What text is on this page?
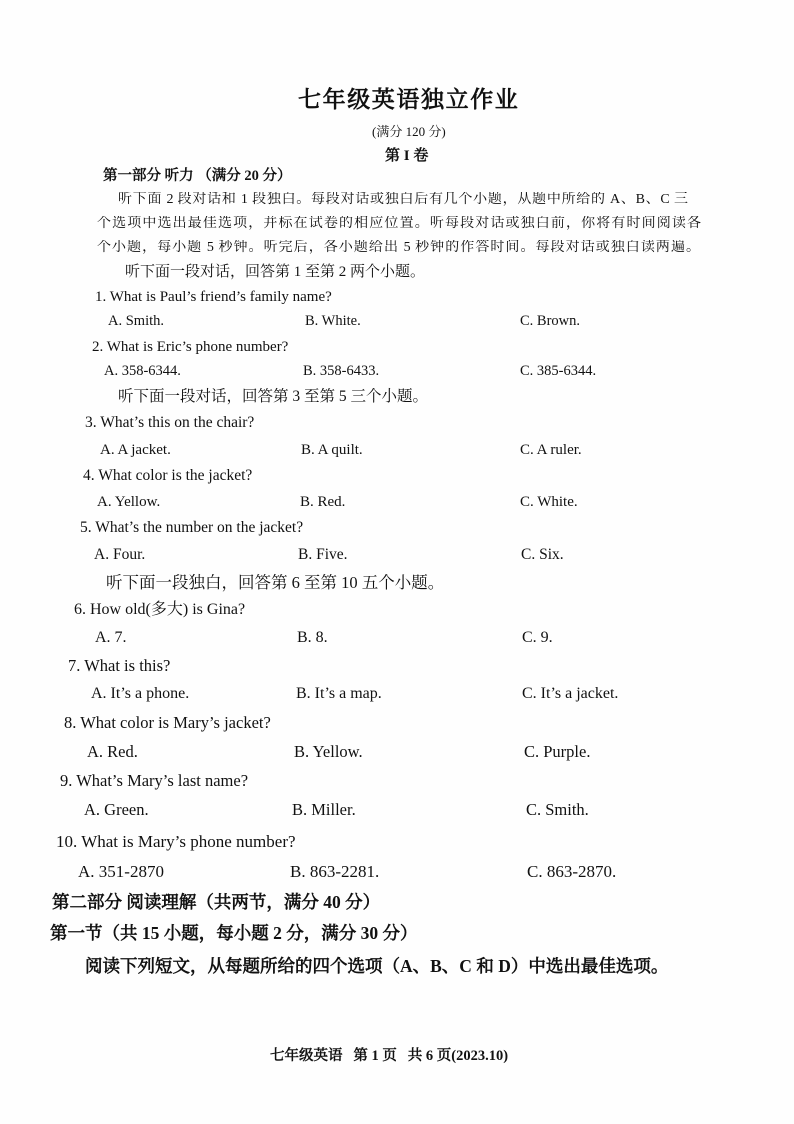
七年级英语独立作业
(满分 120 分)
第 I 卷
第一部分 听力 （满分 20 分）
听下面 2 段对话和 1 段独白。每段对话或独白后有几个小题，从题中所给的 A、B、C 三
个选项中选出最佳选项，并标在试卷的相应位置。听每段对话或独白前，你将有时间阅读各
个小题，每小题 5 秒钟。听完后，各小题给出 5 秒钟的作答时间。每段对话或独白读两遍。
听下面一段对话，回答第 1 至第 2 两个小题。
1. What is Paul’s friend’s family name?
A. Smith.	B. White.	C. Brown.
2. What is Eric’s phone number?
A. 358-6344.	B. 358-6433.	C. 385-6344.
听下面一段对话，回答第 3 至第 5 三个小题。
3. What’s this on the chair?
A. A jacket.	B. A quilt.	C. A ruler.
4. What color is the jacket?
A. Yellow.	B. Red.	C. White.
5. What’s the number on the jacket?
A. Four.	B. Five.	C. Six.
听下面一段独白，回答第 6 至第 10 五个小题。
6. How old(多大) is Gina?
A. 7.	B. 8.	C. 9.
7. What is this?
A. It’s a phone.	B. It’s a map.	C. It’s a jacket.
8. What color is Mary’s jacket?
A. Red.	B. Yellow.	C. Purple.
9. What’s Mary’s last name?
A. Green.	B. Miller.	C. Smith.
10. What is Mary’s phone number?
A. 351-2870	B. 863-2281.	C. 863-2870.
第二部分 阅读理解（共两节，满分 40 分）
第一节（共 15 小题，每小题 2 分，满分 30 分）
阅读下列短文，从每题所给的四个选项（A、B、C 和 D）中选出最佳选项。
七年级英语   第 1 页   共 6 页(2023.10)
